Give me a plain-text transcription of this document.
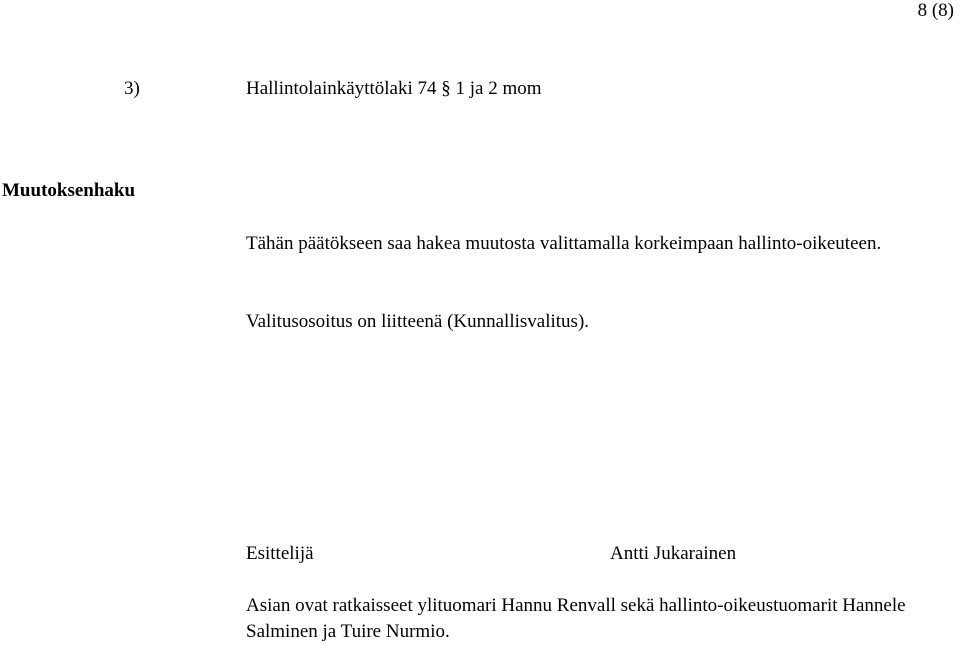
8 (8)
3)	Hallintolainkäyttölaki 74 § 1 ja 2 mom
Muutoksenhaku
Tähän päätökseen saa hakea muutosta valittamalla korkeimpaan hallinto-oikeuteen.
Valitusosoitus on liitteenä (Kunnallisvalitus).
Esittelijä	Antti Jukarainen
Asian ovat ratkaisseet ylituomari Hannu Renvall sekä hallinto-oikeustuomarit Hannele Salminen ja Tuire Nurmio.
